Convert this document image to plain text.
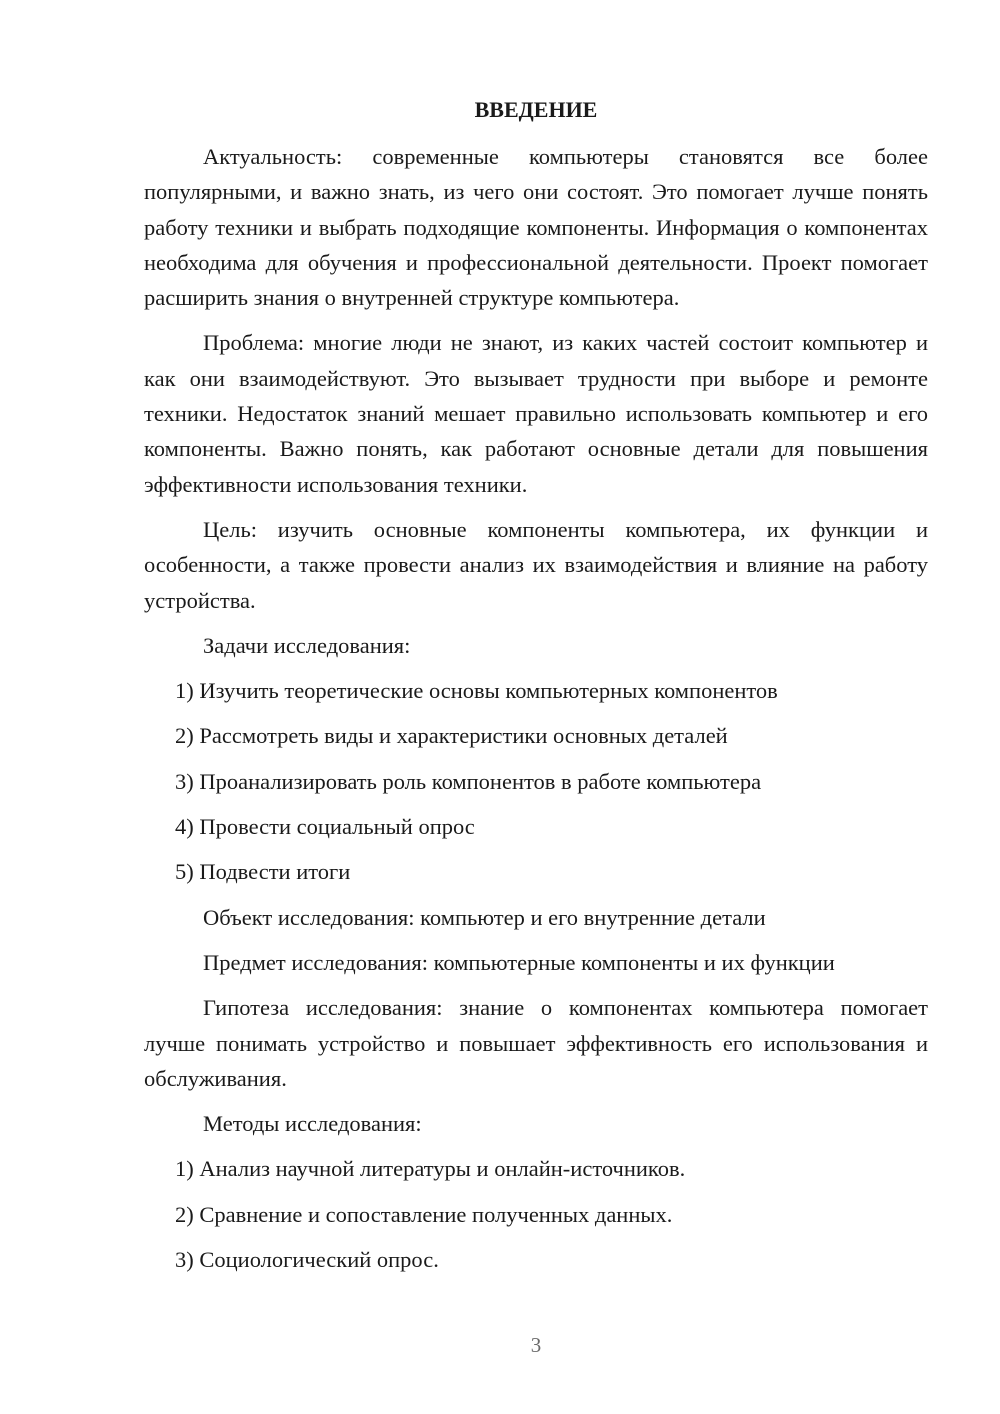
ВВЕДЕНИЕ

Актуальность: современные компьютеры становятся все более популярными, и важно знать, из чего они состоят. Это помогает лучше понять работу техники и выбрать подходящие компоненты. Информация о компонентах необходима для обучения и профессиональной деятельности. Проект помогает расширить знания о внутренней структуре компьютера.

Проблема: многие люди не знают, из каких частей состоит компьютер и как они взаимодействуют. Это вызывает трудности при выборе и ремонте техники. Недостаток знаний мешает правильно использовать компьютер и его компоненты. Важно понять, как работают основные детали для повышения эффективности использования техники.

Цель: изучить основные компоненты компьютера, их функции и особенности, а также провести анализ их взаимодействия и влияние на работу устройства.

Задачи исследования:

1) Изучить теоретические основы компьютерных компонентов

2) Рассмотреть виды и характеристики основных деталей

3) Проанализировать роль компонентов в работе компьютера

4) Провести социальный опрос

5) Подвести итоги

Объект исследования: компьютер и его внутренние детали

Предмет исследования: компьютерные компоненты и их функции

Гипотеза исследования: знание о компонентах компьютера помогает лучше понимать устройство и повышает эффективность его использования и обслуживания.

Методы исследования:

1) Анализ научной литературы и онлайн-источников.

2) Сравнение и сопоставление полученных данных.

3) Социологический опрос.

3
